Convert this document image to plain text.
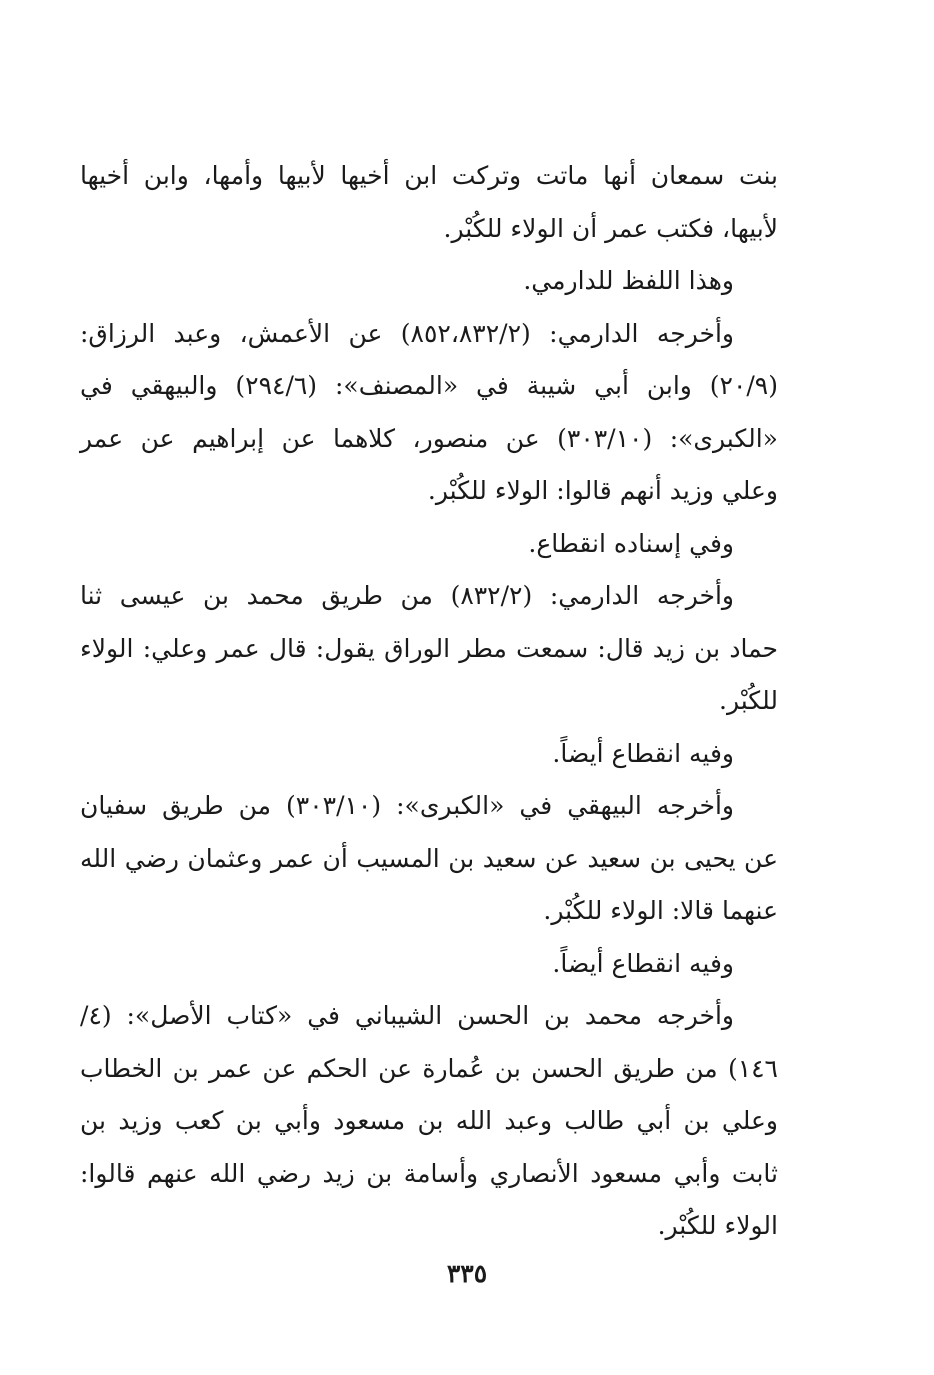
بنت سمعان أنها ماتت وتركت ابن أخيها لأبيها وأمها، وابن أخيها
لأبيها، فكتب عمر أن الولاء للكُبْر.
وهذا اللفظ للدارمي.
وأخرجه الدارمي: (٨٥٢،٨٣٢/٢) عن الأعمش، وعبد الرزاق:
(٢٠/٩) وابن أبي شيبة في «المصنف»: (٢٩٤/٦) والبيهقي في
«الكبرى»: (٣٠٣/١٠) عن منصور، كلاهما عن إبراهيم عن عمر
وعلي وزيد أنهم قالوا: الولاء للكُبْر.
وفي إسناده انقطاع.
وأخرجه الدارمي: (٨٣٢/٢) من طريق محمد بن عيسى ثنا
حماد بن زيد قال: سمعت مطر الوراق يقول: قال عمر وعلي: الولاء
للكُبْر.
وفيه انقطاع أيضاً.
وأخرجه البيهقي في «الكبرى»: (٣٠٣/١٠) من طريق سفيان
عن يحيى بن سعيد عن سعيد بن المسيب أن عمر وعثمان رضي الله
عنهما قالا: الولاء للكُبْر.
وفيه انقطاع أيضاً.
وأخرجه محمد بن الحسن الشيباني في «كتاب الأصل»: (٤/
١٤٦) من طريق الحسن بن عُمارة عن الحكم عن عمر بن الخطاب
وعلي بن أبي طالب وعبد الله بن مسعود وأبي بن كعب وزيد بن
ثابت وأبي مسعود الأنصاري وأسامة بن زيد رضي الله عنهم قالوا:
الولاء للكُبْر.
٣٣٥
